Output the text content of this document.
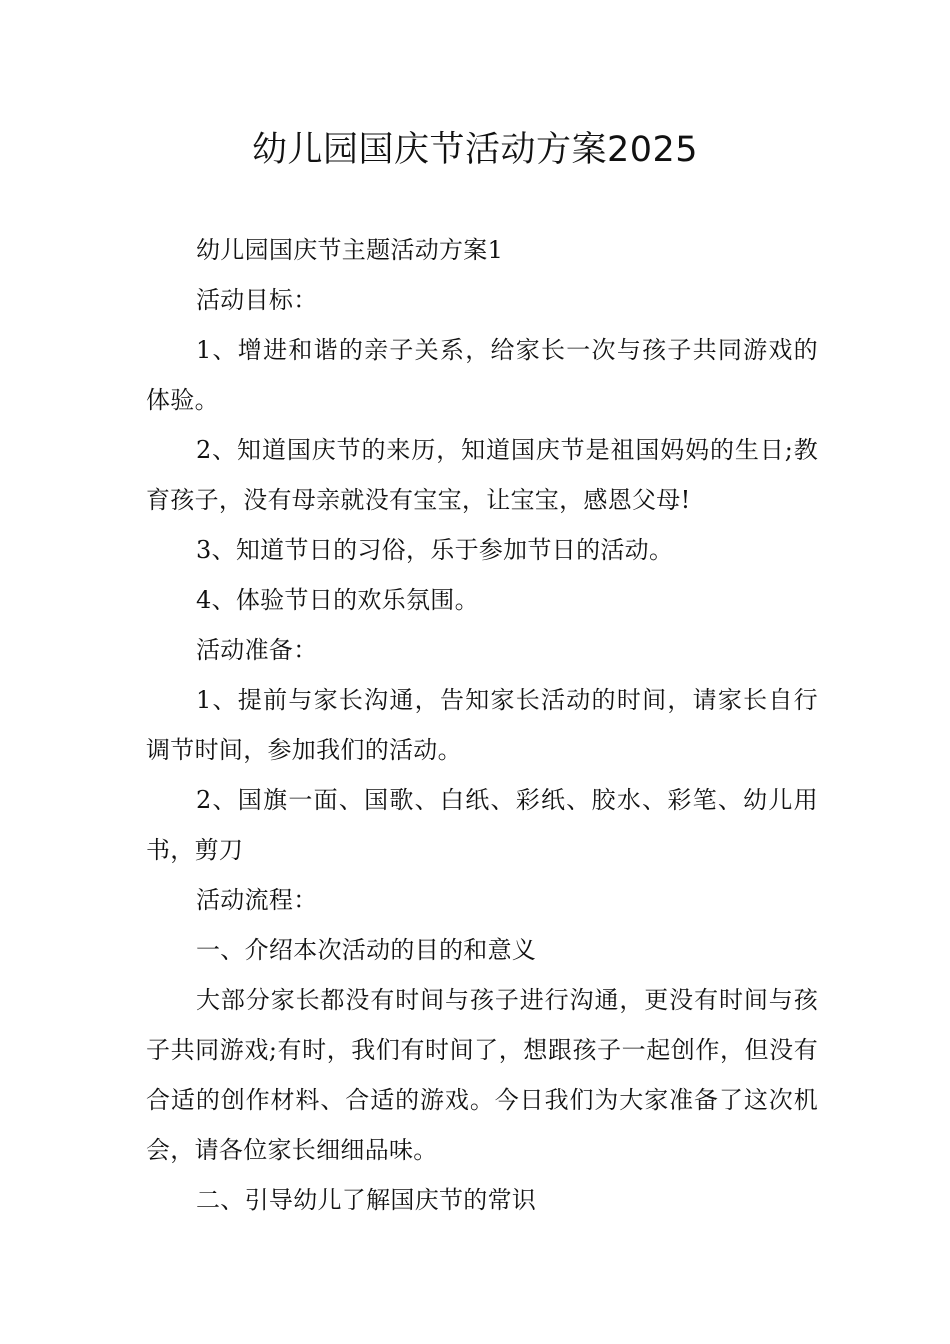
幼儿园国庆节活动方案2025

幼儿园国庆节主题活动方案1

活动目标：

1、增进和谐的亲子关系，给家长一次与孩子共同游戏的体验。

2、知道国庆节的来历，知道国庆节是祖国妈妈的生日;教育孩子，没有母亲就没有宝宝，让宝宝，感恩父母!

3、知道节日的习俗，乐于参加节日的活动。

4、体验节日的欢乐氛围。

活动准备：

1、提前与家长沟通，告知家长活动的时间，请家长自行调节时间，参加我们的活动。

2、国旗一面、国歌、白纸、彩纸、胶水、彩笔、幼儿用书，剪刀

活动流程：

一、介绍本次活动的目的和意义

大部分家长都没有时间与孩子进行沟通，更没有时间与孩子共同游戏;有时，我们有时间了，想跟孩子一起创作，但没有合适的创作材料、合适的游戏。今日我们为大家准备了这次机会，请各位家长细细品味。

二、引导幼儿了解国庆节的常识
